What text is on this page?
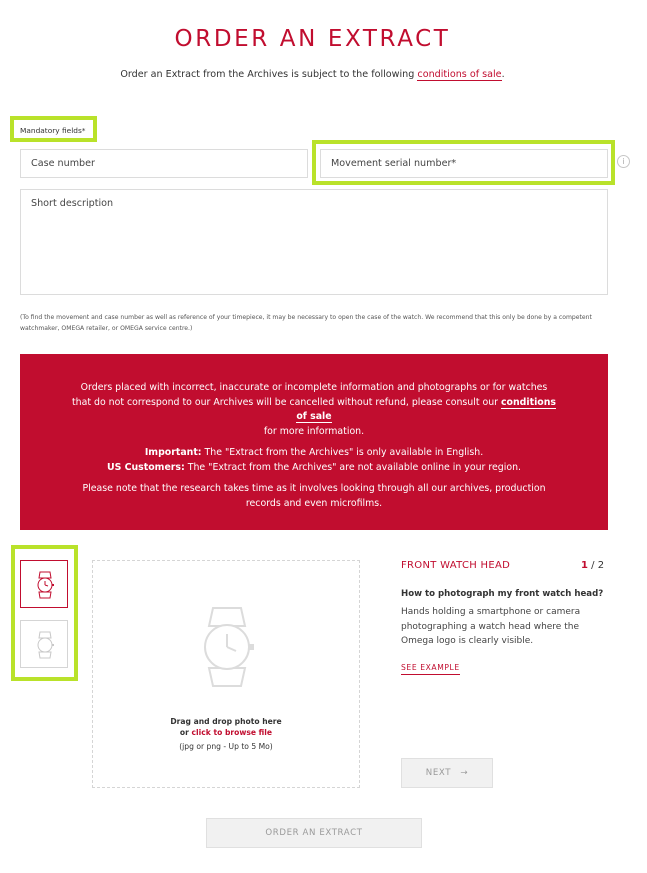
ORDER AN EXTRACT
Order an Extract from the Archives is subject to the following conditions of sale.
Mandatory fields*
Case number	Movement serial number*	i
Short description
(To find the movement and case number as well as reference of your timepiece, it may be necessary to open the case of the watch. We recommend that this only be done by a competent watchmaker, OMEGA retailer, or OMEGA service centre.)

Orders placed with incorrect, inaccurate or incomplete information and photographs or for watches that do not correspond to our Archives will be cancelled without refund, please consult our conditions of sale
for more information.

Important: The "Extract from the Archives" is only available in English.
US Customers: The "Extract from the Archives" are not available online in your region.

Please note that the research takes time as it involves looking through all our archives, production records and even microfilms.

Drag and drop photo here
or click to browse file
(jpg or png - Up to 5 Mo)
FRONT WATCH HEAD	1 / 2
How to photograph my front watch head?
Hands holding a smartphone or camera photographing a watch head where the Omega logo is clearly visible.
SEE EXAMPLE
NEXT →
ORDER AN EXTRACT
